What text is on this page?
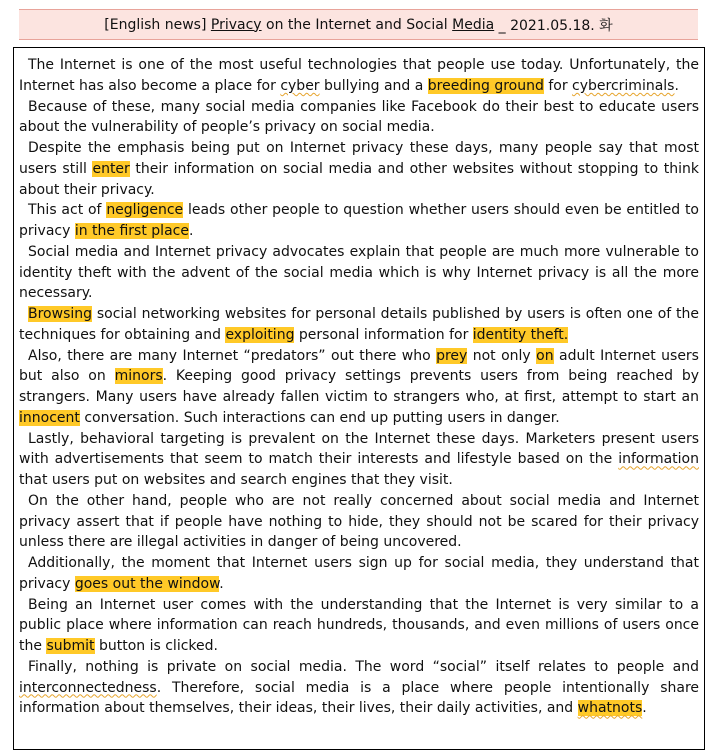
[English news] Privacy on the Internet and Social Media _ 2021.05.18. 화

The Internet is one of the most useful technologies that people use today. Unfortunately, the Internet has also become a place for cyber bullying and a breeding ground for cybercriminals.

Because of these, many social media companies like Facebook do their best to educate users about the vulnerability of people’s privacy on social media.

Despite the emphasis being put on Internet privacy these days, many people say that most users still enter their information on social media and other websites without stopping to think about their privacy.

This act of negligence leads other people to question whether users should even be entitled to privacy in the first place.

Social media and Internet privacy advocates explain that people are much more vulnerable to identity theft with the advent of the social media which is why Internet privacy is all the more necessary.

Browsing social networking websites for personal details published by users is often one of the techniques for obtaining and exploiting personal information for identity theft.

Also, there are many Internet “predators” out there who prey not only on adult Internet users but also on minors. Keeping good privacy settings prevents users from being reached by strangers. Many users have already fallen victim to strangers who, at first, attempt to start an innocent conversation. Such interactions can end up putting users in danger.

Lastly, behavioral targeting is prevalent on the Internet these days. Marketers present users with advertisements that seem to match their interests and lifestyle based on the information that users put on websites and search engines that they visit.

On the other hand, people who are not really concerned about social media and Internet privacy assert that if people have nothing to hide, they should not be scared for their privacy unless there are illegal activities in danger of being uncovered.

Additionally, the moment that Internet users sign up for social media, they understand that privacy goes out the window.

Being an Internet user comes with the understanding that the Internet is very similar to a public place where information can reach hundreds, thousands, and even millions of users once the submit button is clicked.

Finally, nothing is private on social media. The word “social” itself relates to people and interconnectedness. Therefore, social media is a place where people intentionally share information about themselves, their ideas, their lives, their daily activities, and whatnots.
